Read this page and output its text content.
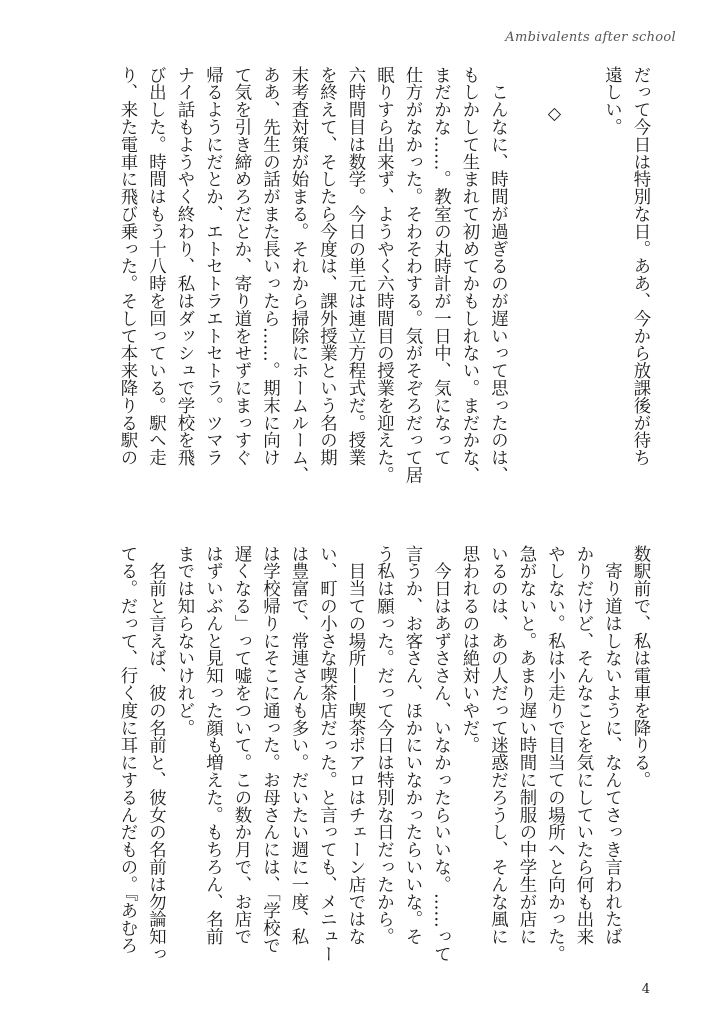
Ambivalents after school
だって今日は特別な日。ああ、今から放課後が待ち
遠しい。
◇
　こんなに、時間が過ぎるのが遅いって思ったのは、
もしかして生まれて初めてかもしれない。まだかな、
まだかな……。教室の丸時計が一日中、気になって
仕方がなかった。そわそわする。気がそぞろだって居
眠りすら出来ず、ようやく六時間目の授業を迎えた。
六時間目は数学。今日の単元は連立方程式だ。授業
を終えて、そしたら今度は、課外授業という名の期
末考査対策が始まる。それから掃除にホームルーム、
ああ、先生の話がまた長いったら……。期末に向け
て気を引き締めろだとか、寄り道をせずにまっすぐ
帰るようにだとか、エトセトラエトセトラ。ツマラ
ナイ話もようやく終わり、私はダッシュで学校を飛
び出した。時間はもう十八時を回っている。駅へ走
り、来た電車に飛び乗った。そして本来降りる駅の
数駅前で、私は電車を降りる。
　寄り道はしないように、なんてさっき言われたば
かりだけど、そんなことを気にしていたら何も出来
やしない。私は小走りで目当ての場所へと向かった。
急がないと。あまり遅い時間に制服の中学生が店に
いるのは、あの人だって迷惑だろうし、そんな風に
思われるのは絶対いやだ。
　今日はあずささん、いなかったらいいな。……って
言うか、お客さん、ほかにいなかったらいいな。そ
う私は願った。だって今日は特別な日だったから。
　目当ての場所——喫茶ポアロはチェーン店ではな
い、町の小さな喫茶店だった。と言っても、メニュー
は豊富で、常連さんも多い。だいたい週に一度、私
は学校帰りにそこに通った。お母さんには、「学校で
遅くなる」って嘘をついて。この数か月で、お店で
はずいぶんと見知った顔も増えた。もちろん、名前
までは知らないけれど。
　名前と言えば、彼の名前と、彼女の名前は勿論知っ
てる。だって、行く度に耳にするんだもの。『あむろ
4
